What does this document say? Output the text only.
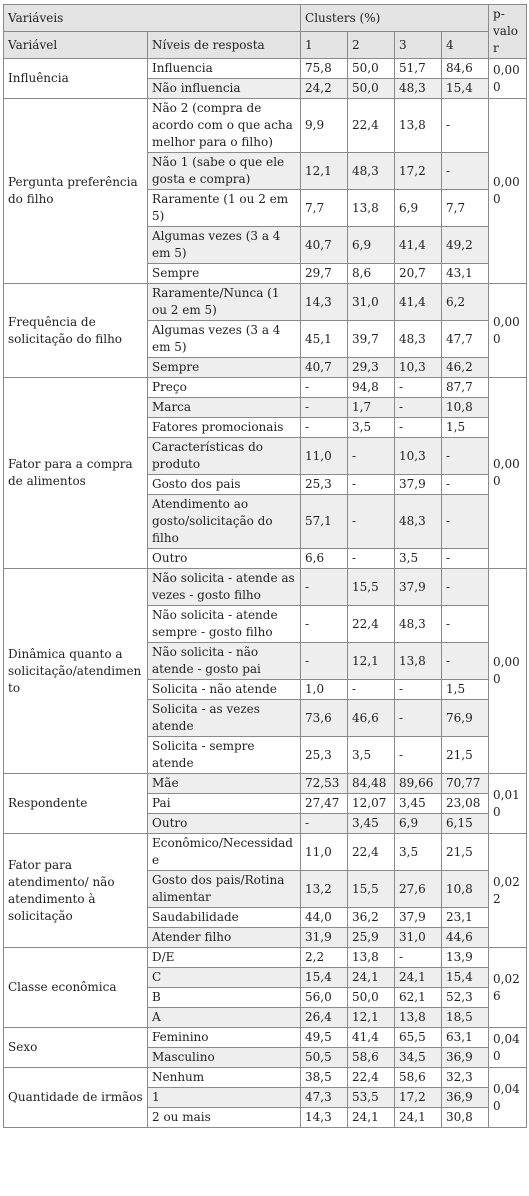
Variáveis		Clusters (%)				p-valor
Variável	Níveis de resposta	1	2	3	4	
Influência	Influencia	75,8	50,0	51,7	84,6	0,000
	Não influencia	24,2	50,0	48,3	15,4	
Pergunta preferência do filho	Não 2 (compra de acordo com o que acha melhor para o filho)	9,9	22,4	13,8	-	0,000
	Não 1 (sabe o que ele gosta e compra)	12,1	48,3	17,2	-	
	Raramente (1 ou 2 em 5)	7,7	13,8	6,9	7,7	
	Algumas vezes (3 a 4 em 5)	40,7	6,9	41,4	49,2	
	Sempre	29,7	8,6	20,7	43,1	
Frequência de solicitação do filho	Raramente/Nunca (1 ou 2 em 5)	14,3	31,0	41,4	6,2	0,000
	Algumas vezes (3 a 4 em 5)	45,1	39,7	48,3	47,7	
	Sempre	40,7	29,3	10,3	46,2	
Fator para a compra de alimentos	Preço	-	94,8	-	87,7	0,000
	Marca	-	1,7	-	10,8	
	Fatores promocionais	-	3,5	-	1,5	
	Características do produto	11,0	-	10,3	-	
	Gosto dos pais	25,3	-	37,9	-	
	Atendimento ao gosto/solicitação do filho	57,1	-	48,3	-	
	Outro	6,6	-	3,5	-	
Dinâmica quanto a solicitação/atendimento	Não solicita - atende as vezes - gosto filho	-	15,5	37,9	-	0,000
	Não solicita - atende sempre - gosto filho	-	22,4	48,3	-	
	Não solicita - não atende - gosto pai	-	12,1	13,8	-	
	Solicita - não atende	1,0	-	-	1,5	
	Solicita - as vezes atende	73,6	46,6	-	76,9	
	Solicita - sempre atende	25,3	3,5	-	21,5	
Respondente	Mãe	72,53	84,48	89,66	70,77	0,010
	Pai	27,47	12,07	3,45	23,08	
	Outro	-	3,45	6,9	6,15	
Fator para atendimento/ não atendimento à solicitação	Econômico/Necessidade	11,0	22,4	3,5	21,5	0,022
	Gosto dos pais/Rotina alimentar	13,2	15,5	27,6	10,8	
	Saudabilidade	44,0	36,2	37,9	23,1	
	Atender filho	31,9	25,9	31,0	44,6	
Classe econômica	D/E	2,2	13,8	-	13,9	0,026
	C	15,4	24,1	24,1	15,4	
	B	56,0	50,0	62,1	52,3	
	A	26,4	12,1	13,8	18,5	
Sexo	Feminino	49,5	41,4	65,5	63,1	0,040
	Masculino	50,5	58,6	34,5	36,9	
Quantidade de irmãos	Nenhum	38,5	22,4	58,6	32,3	0,040
	1	47,3	53,5	17,2	36,9	
	2 ou mais	14,3	24,1	24,1	30,8	
